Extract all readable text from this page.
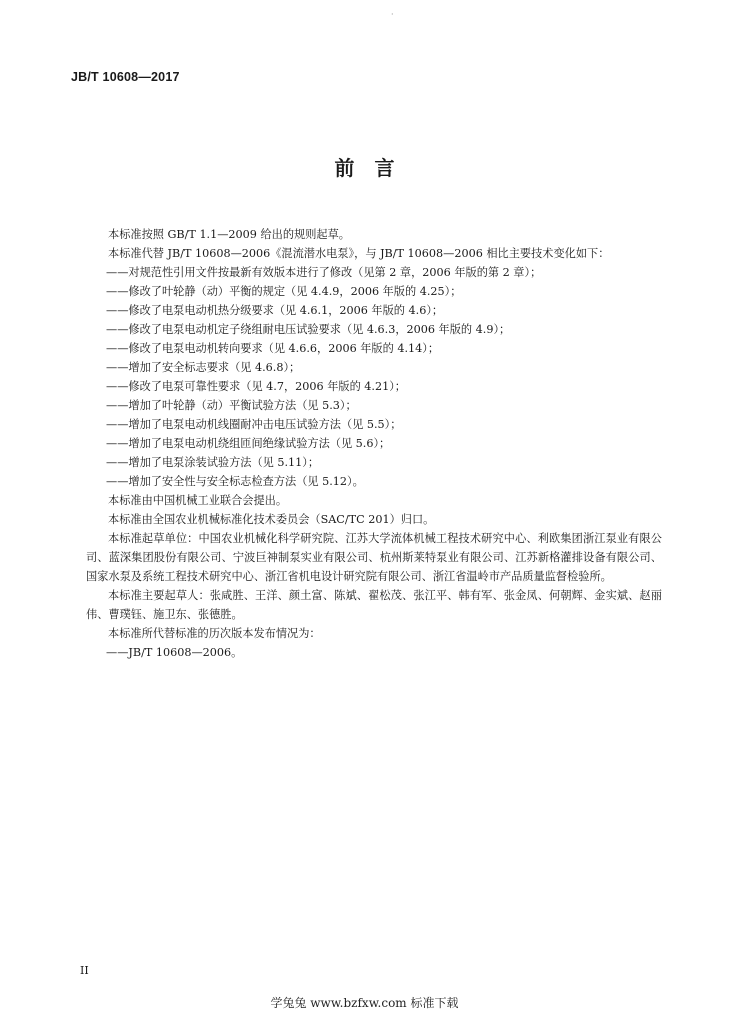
·
JB/T 10608—2017
前　言
本标准按照 GB/T 1.1—2009 给出的规则起草。
本标准代替 JB/T 10608—2006《混流潜水电泵》，与 JB/T 10608—2006 相比主要技术变化如下：
——对规范性引用文件按最新有效版本进行了修改（见第 2 章，2006 年版的第 2 章）；
——修改了叶轮静（动）平衡的规定（见 4.4.9，2006 年版的 4.25）；
——修改了电泵电动机热分级要求（见 4.6.1，2006 年版的 4.6）；
——修改了电泵电动机定子绕组耐电压试验要求（见 4.6.3，2006 年版的 4.9）；
——修改了电泵电动机转向要求（见 4.6.6，2006 年版的 4.14）；
——增加了安全标志要求（见 4.6.8）；
——修改了电泵可靠性要求（见 4.7，2006 年版的 4.21）；
——增加了叶轮静（动）平衡试验方法（见 5.3）；
——增加了电泵电动机线圈耐冲击电压试验方法（见 5.5）；
——增加了电泵电动机绕组匝间绝缘试验方法（见 5.6）；
——增加了电泵涂装试验方法（见 5.11）；
——增加了安全性与安全标志检查方法（见 5.12）。
本标准由中国机械工业联合会提出。
本标准由全国农业机械标准化技术委员会（SAC/TC 201）归口。
本标准起草单位：中国农业机械化科学研究院、江苏大学流体机械工程技术研究中心、利欧集团浙江泵业有限公司、蓝深集团股份有限公司、宁波巨神制泵实业有限公司、杭州斯莱特泵业有限公司、江苏新格灌排设备有限公司、国家水泵及系统工程技术研究中心、浙江省机电设计研究院有限公司、浙江省温岭市产品质量监督检验所。
本标准主要起草人：张咸胜、王洋、颜土富、陈斌、翟松茂、张江平、韩有军、张金凤、何朝辉、金实斌、赵丽伟、曹璞钰、施卫东、张德胜。
本标准所代替标准的历次版本发布情况为：
——JB/T 10608—2006。
II
学兔兔 www.bzfxw.com 标准下载
